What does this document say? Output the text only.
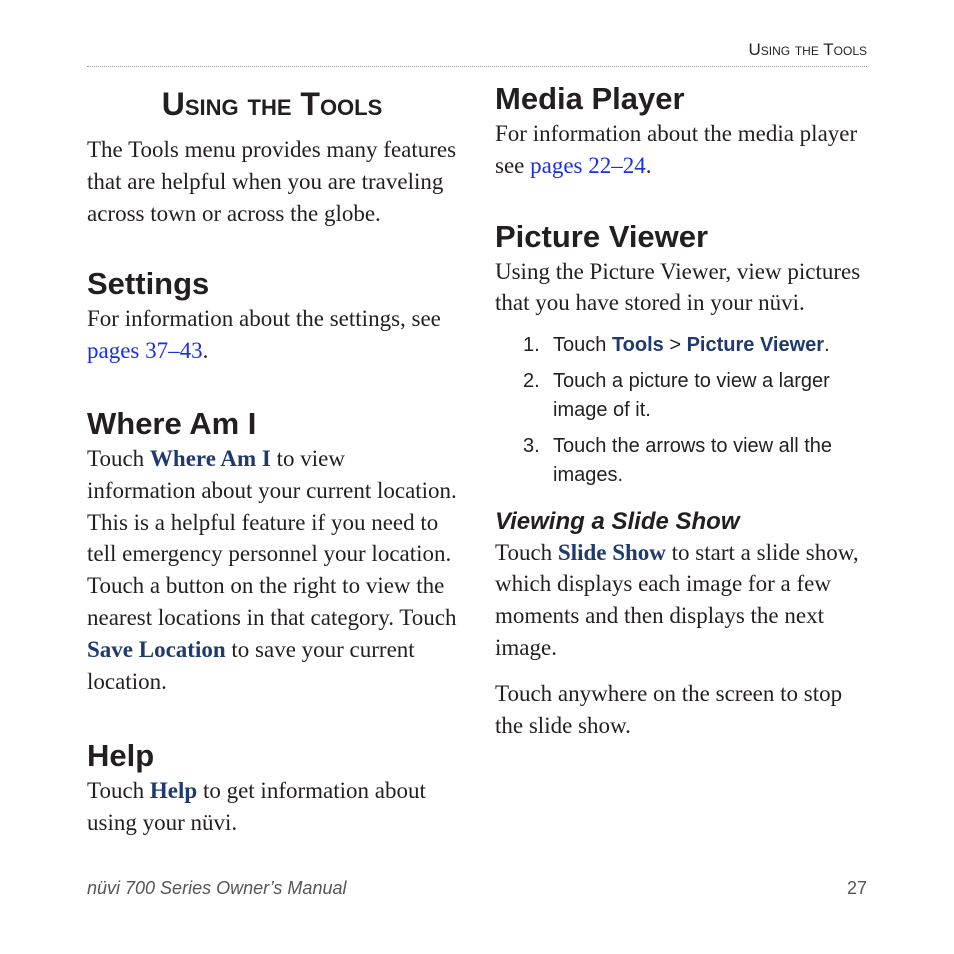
Using the Tools
Using the Tools

The Tools menu provides many features that are helpful when you are traveling across town or across the globe.

Settings

For information about the settings, see pages 37–43.

Where Am I

Touch Where Am I to view information about your current location. This is a helpful feature if you need to tell emergency personnel your location. Touch a button on the right to view the nearest locations in that category. Touch Save Location to save your current location.

Help

Touch Help to get information about using your nüvi.

Media Player

For information about the media player see pages 22–24.

Picture Viewer

Using the Picture Viewer, view pictures that you have stored in your nüvi.

1. Touch Tools > Picture Viewer.
2. Touch a picture to view a larger image of it.
3. Touch the arrows to view all the images.
Viewing a Slide Show

Touch Slide Show to start a slide show, which displays each image for a few moments and then displays the next image.

Touch anywhere on the screen to stop the slide show.

nüvi 700 Series Owner’s Manual	27
